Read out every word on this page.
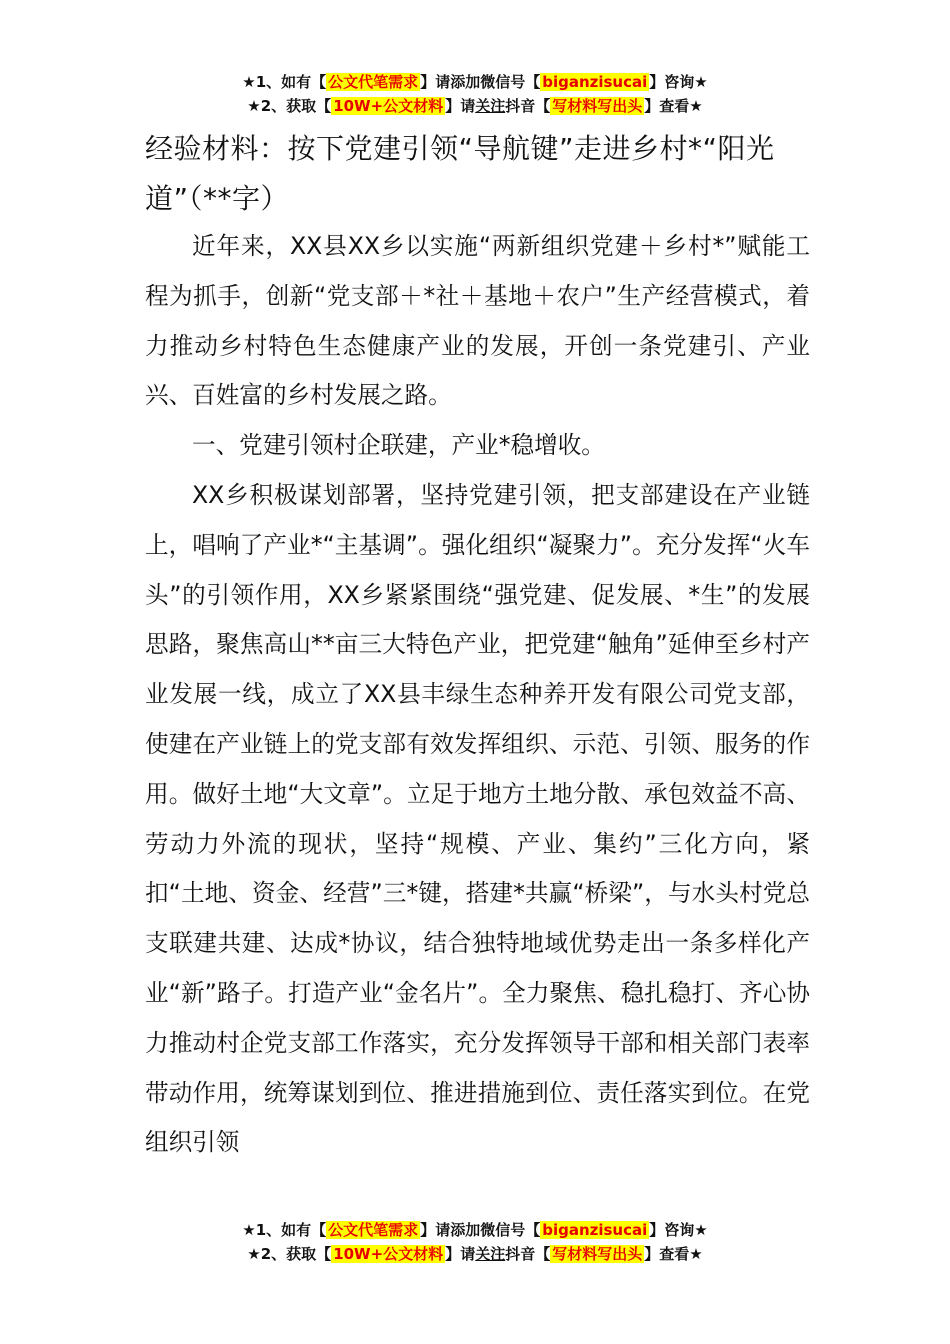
★1、如有【 公文代笔需求 】请添加微信号【 biganzisucai 】咨询★
★2、获取【 10W+公文材料 】请关注抖音【 写材料写出头 】查看★
经验材料：按下党建引领“导航键”走进乡村*“阳光道”（**字）

近年来，XX县XX乡以实施“两新组织党建＋乡村*”赋能工程为抓手，创新“党支部＋*社＋基地＋农户”生产经营模式，着力推动乡村特色生态健康产业的发展，开创一条党建引、产业兴、百姓富的乡村发展之路。

一、党建引领村企联建，产业*稳增收。

XX乡积极谋划部署，坚持党建引领，把支部建设在产业链上，唱响了产业*“主基调”。强化组织“凝聚力”。充分发挥“火车头”的引领作用，XX乡紧紧围绕“强党建、促发展、*生”的发展思路，聚焦高山**亩三大特色产业，把党建“触角”延伸至乡村产业发展一线，成立了XX县丰绿生态种养开发有限公司党支部，使建在产业链上的党支部有效发挥组织、示范、引领、服务的作用。做好土地“大文章”。立足于地方土地分散、承包效益不高、劳动力外流的现状，坚持“规模、产业、集约”三化方向，紧扣“土地、资金、经营”三*键，搭建*共赢“桥梁”，与水头村党总支联建共建、达成*协议，结合独特地域优势走出一条多样化产业“新”路子。打造产业“金名片”。全力聚焦、稳扎稳打、齐心协力推动村企党支部工作落实，充分发挥领导干部和相关部门表率带动作用，统筹谋划到位、推进措施到位、责任落实到位。在党组织引领

★1、如有【 公文代笔需求 】请添加微信号【 biganzisucai 】咨询★
★2、获取【 10W+公文材料 】请关注抖音【 写材料写出头 】查看★
